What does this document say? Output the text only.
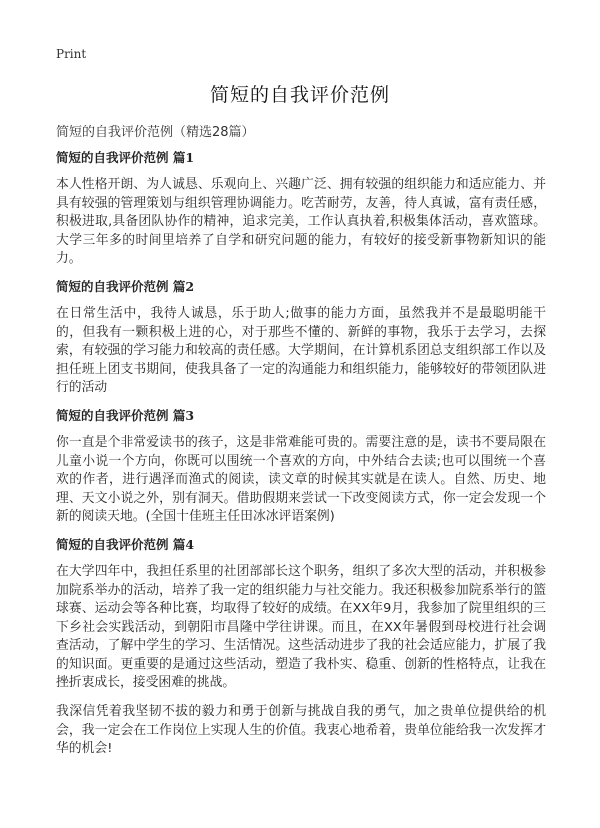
Print
简短的自我评价范例
简短的自我评价范例（精选28篇）
简短的自我评价范例 篇1

本人性格开朗、为人诚恳、乐观向上、兴趣广泛、拥有较强的组织能力和适应能力、并具有较强的管理策划与组织管理协调能力。吃苦耐劳，友善，待人真诚，富有责任感，积极进取,具备团队协作的精神，追求完美，工作认真执着,积极集体活动，喜欢篮球。大学三年多的时间里培养了自学和研究问题的能力，有较好的接受新事物新知识的能力。

简短的自我评价范例 篇2

在日常生活中，我待人诚恳，乐于助人;做事的能力方面，虽然我并不是最聪明能干的，但我有一颗积极上进的心，对于那些不懂的、新鲜的事物，我乐于去学习，去探索，有较强的学习能力和较高的责任感。大学期间，在计算机系团总支组织部工作以及担任班上团支书期间，使我具备了一定的沟通能力和组织能力，能够较好的带领团队进行的活动

简短的自我评价范例 篇3

你一直是个非常爱读书的孩子，这是非常难能可贵的。需要注意的是，读书不要局限在儿童小说一个方向，你既可以围统一个喜欢的方向，中外结合去读;也可以围统一个喜欢的作者，进行遇泽而渔式的阅读，读文章的时候其实就是在读人。自然、历史、地理、天文小说之外，别有洞天。借助假期来尝试一下改变阅读方式，你一定会发现一个新的阅读天地。(全国十佳班主任田冰冰评语案例)

简短的自我评价范例 篇4

在大学四年中，我担任系里的社团部部长这个职务，组织了多次大型的活动，并积极参加院系举办的活动，培养了我一定的组织能力与社交能力。我还积极参加院系举行的篮球赛、运动会等各种比赛，均取得了较好的成绩。在XX年9月，我参加了院里组织的三下乡社会实践活动，到朝阳市昌隆中学往讲课。而且，在XX年暑假到母校进行社会调查活动，了解中学生的学习、生活情况。这些活动进步了我的社会适应能力，扩展了我的知识面。更重要的是通过这些活动，塑造了我朴实、稳重、创新的性格特点，让我在挫折衷成长，接受困难的挑战。

我深信凭着我坚韧不拔的毅力和勇于创新与挑战自我的勇气，加之贵单位提供给的机会，我一定会在工作岗位上实现人生的价值。我衷心地希着，贵单位能给我一次发挥才华的机会!
